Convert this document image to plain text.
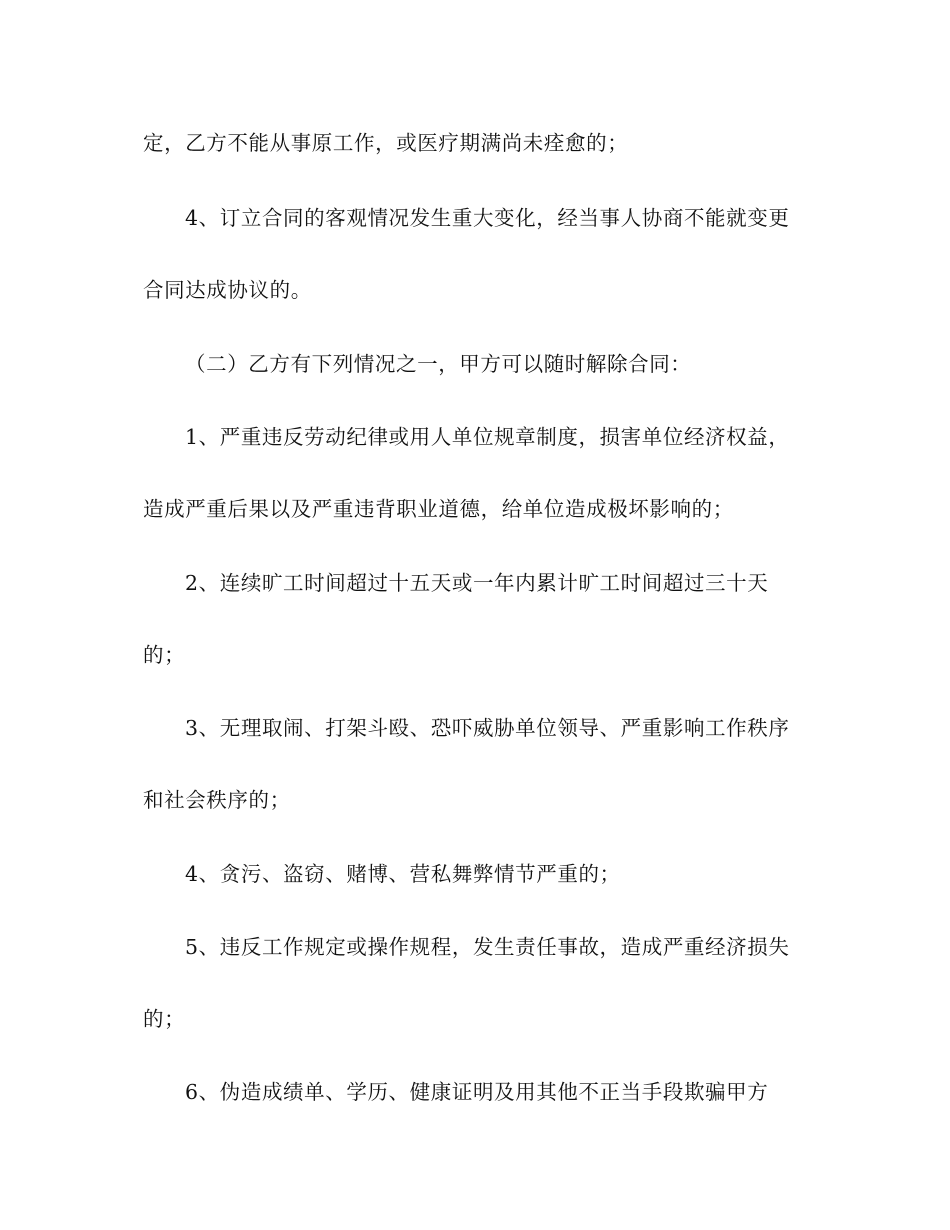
定，乙方不能从事原工作，或医疗期满尚未痊愈的；

4、订立合同的客观情况发生重大变化，经当事人协商不能就变更

合同达成协议的。

（二）乙方有下列情况之一，甲方可以随时解除合同：

1、严重违反劳动纪律或用人单位规章制度，损害单位经济权益，

造成严重后果以及严重违背职业道德，给单位造成极坏影响的；

2、连续旷工时间超过十五天或一年内累计旷工时间超过三十天

的；

3、无理取闹、打架斗殴、恐吓威胁单位领导、严重影响工作秩序

和社会秩序的；

4、贪污、盗窃、赌博、营私舞弊情节严重的；

5、违反工作规定或操作规程，发生责任事故，造成严重经济损失

的；

6、伪造成绩单、学历、健康证明及用其他不正当手段欺骗甲方
